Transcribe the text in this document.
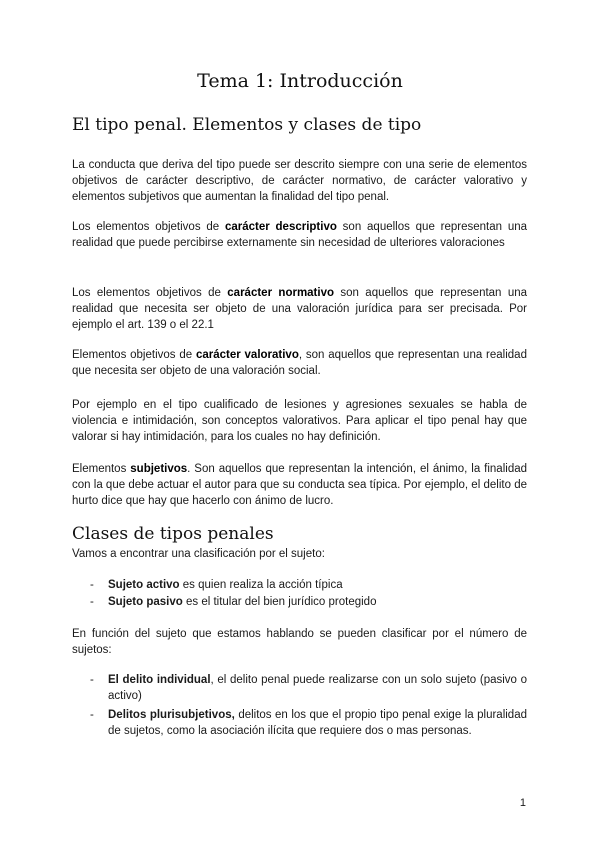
Tema 1: Introducción
El tipo penal. Elementos y clases de tipo
La conducta que deriva del tipo puede ser descrito siempre con una serie de elementos objetivos de carácter descriptivo, de carácter normativo, de carácter valorativo y elementos subjetivos que aumentan la finalidad del tipo penal.
Los elementos objetivos de carácter descriptivo son aquellos que representan una realidad que puede percibirse externamente sin necesidad de ulteriores valoraciones
Los elementos objetivos de carácter normativo son aquellos que representan una realidad que necesita ser objeto de una valoración jurídica para ser precisada. Por ejemplo el art. 139 o el 22.1
Elementos objetivos de carácter valorativo, son aquellos que representan una realidad que necesita ser objeto de una valoración social.
Por ejemplo en el tipo cualificado de lesiones y agresiones sexuales se habla de violencia e intimidación, son conceptos valorativos. Para aplicar el tipo penal hay que valorar si hay intimidación, para los cuales no hay definición.
Elementos subjetivos. Son aquellos que representan la intención, el ánimo, la finalidad con la que debe actuar el autor para que su conducta sea típica. Por ejemplo, el delito de hurto dice que hay que hacerlo con ánimo de lucro.
Clases de tipos penales
Vamos a encontrar una clasificación por el sujeto:
- Sujeto activo es quien realiza la acción típica
- Sujeto pasivo es el titular del bien jurídico protegido
En función del sujeto que estamos hablando se pueden clasificar por el número de sujetos:
- El delito individual, el delito penal puede realizarse con un solo sujeto (pasivo o activo)
- Delitos plurisubjetivos, delitos en los que el propio tipo penal exige la pluralidad de sujetos, como la asociación ilícita que requiere dos o mas personas.
1
